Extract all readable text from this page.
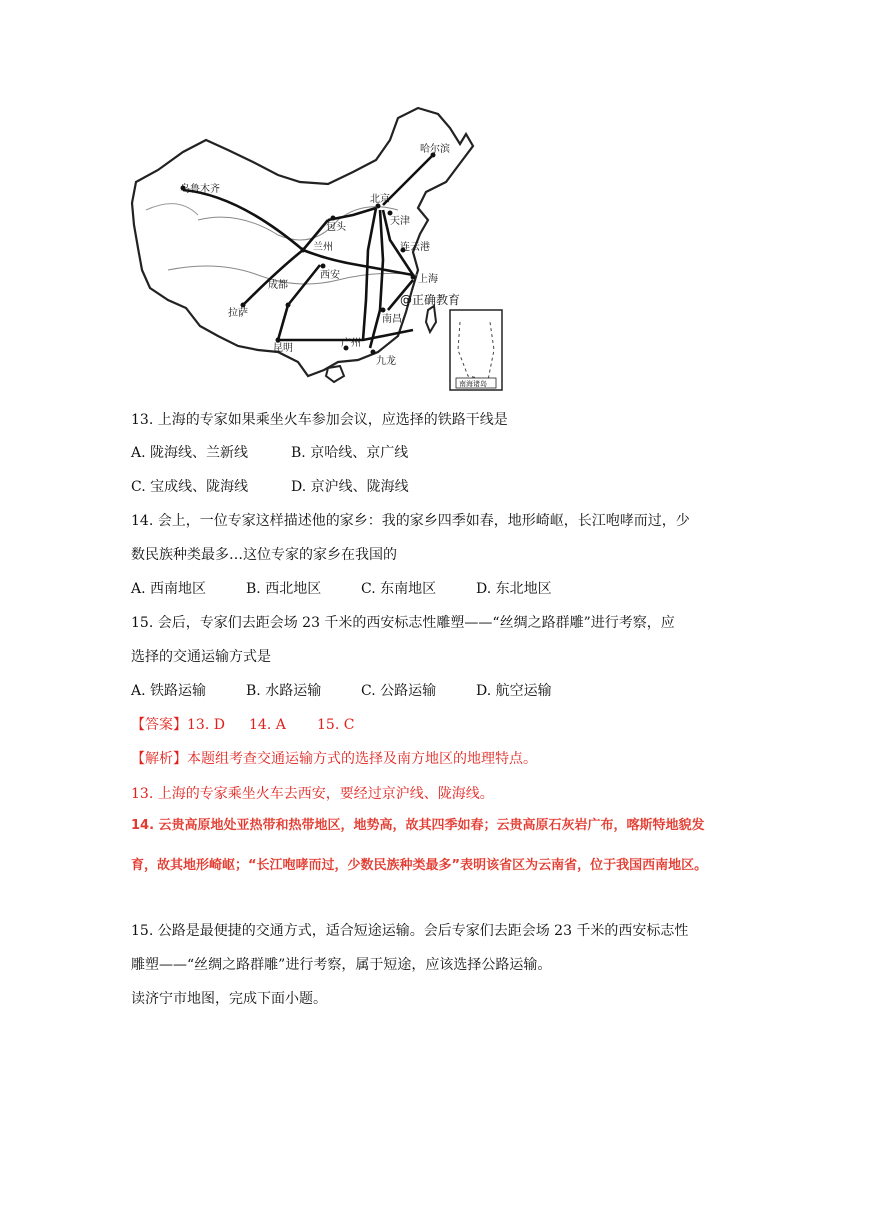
乌鲁木齐
哈尔滨
北京
天津
包头
兰州	连云港
西安	上海
成都
拉萨
南昌
昆明	广州
九龙
@正确教育
南海诸岛
13. 上海的专家如果乘坐火车参加会议，应选择的铁路干线是
A. 陇海线、兰新线	B. 京哈线、京广线
C. 宝成线、陇海线	D. 京沪线、陇海线
14. 会上，一位专家这样描述他的家乡：我的家乡四季如春，地形崎岖，长江咆哮而过，少
数民族种类最多…这位专家的家乡在我国的
A. 西南地区	B. 西北地区	C. 东南地区	D. 东北地区
15. 会后，专家们去距会场 23 千米的西安标志性雕塑——“丝绸之路群雕”进行考察，应
选择的交通运输方式是
A. 铁路运输	B. 水路运输	C. 公路运输	D. 航空运输
【答案】13. D 14. A 15. C
【解析】本题组考查交通运输方式的选择及南方地区的地理特点。
13. 上海的专家乘坐火车去西安，要经过京沪线、陇海线。
14. 云贵高原地处亚热带和热带地区，地势高，故其四季如春；云贵高原石灰岩广布，喀斯特地貌发
育，故其地形崎岖；“长江咆哮而过，少数民族种类最多”表明该省区为云南省，位于我国西南地区。
15. 公路是最便捷的交通方式，适合短途运输。会后专家们去距会场 23 千米的西安标志性
雕塑——“丝绸之路群雕”进行考察，属于短途，应该选择公路运输。
读济宁市地图，完成下面小题。
